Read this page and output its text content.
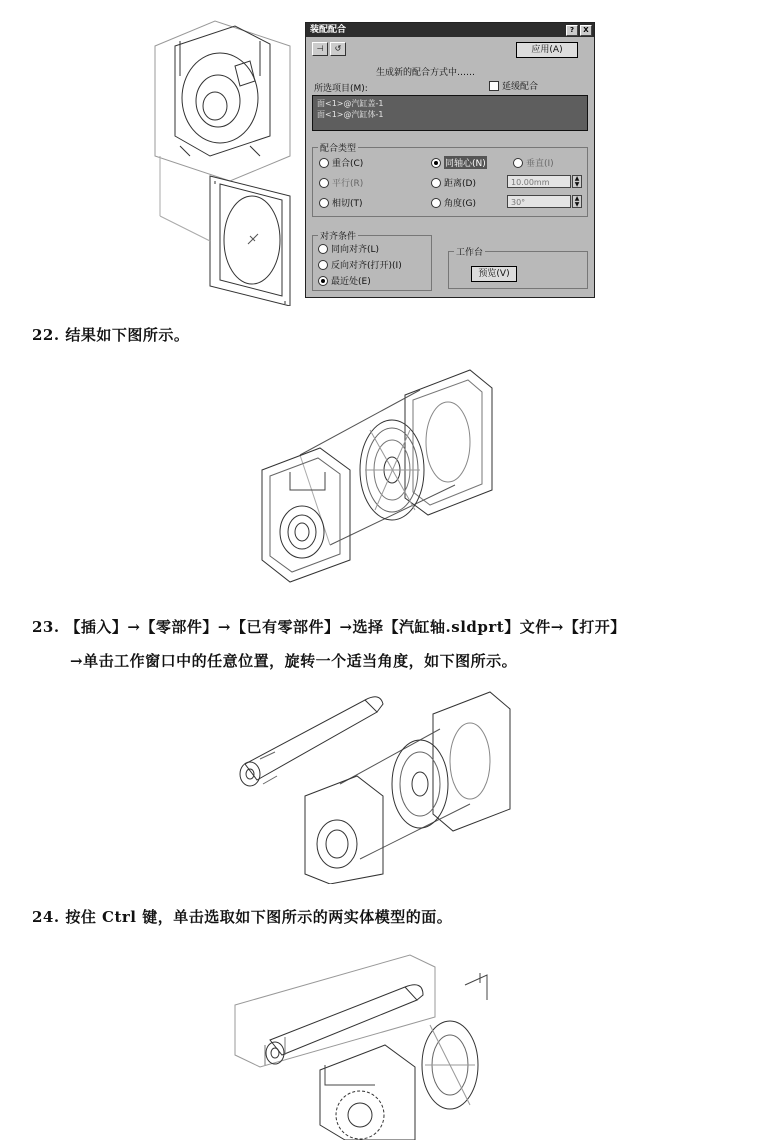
装配配合	?	X
⊣	↺	应用(A)
生成新的配合方式中……
所选项目(M):	延缓配合
面<1>@汽缸盖-1
面<1>@汽缸体-1
配合类型
重合(C)	同轴心(N)	垂直(I)
平行(R)	距离(D)	10.00mm	▲
▼
相切(T)	角度(G)	30°	▲
▼
对齐条件
同向对齐(L)
反向对齐(打开)(I)
最近处(E)
工作台
预览(V)
22. 结果如下图所示。
23. 【插入】→【零部件】→【已有零部件】→选择【汽缸轴.sldprt】文件→【打开】
→单击工作窗口中的任意位置，旋转一个适当角度，如下图所示。
24. 按住 Ctrl 键，单击选取如下图所示的两实体模型的面。
